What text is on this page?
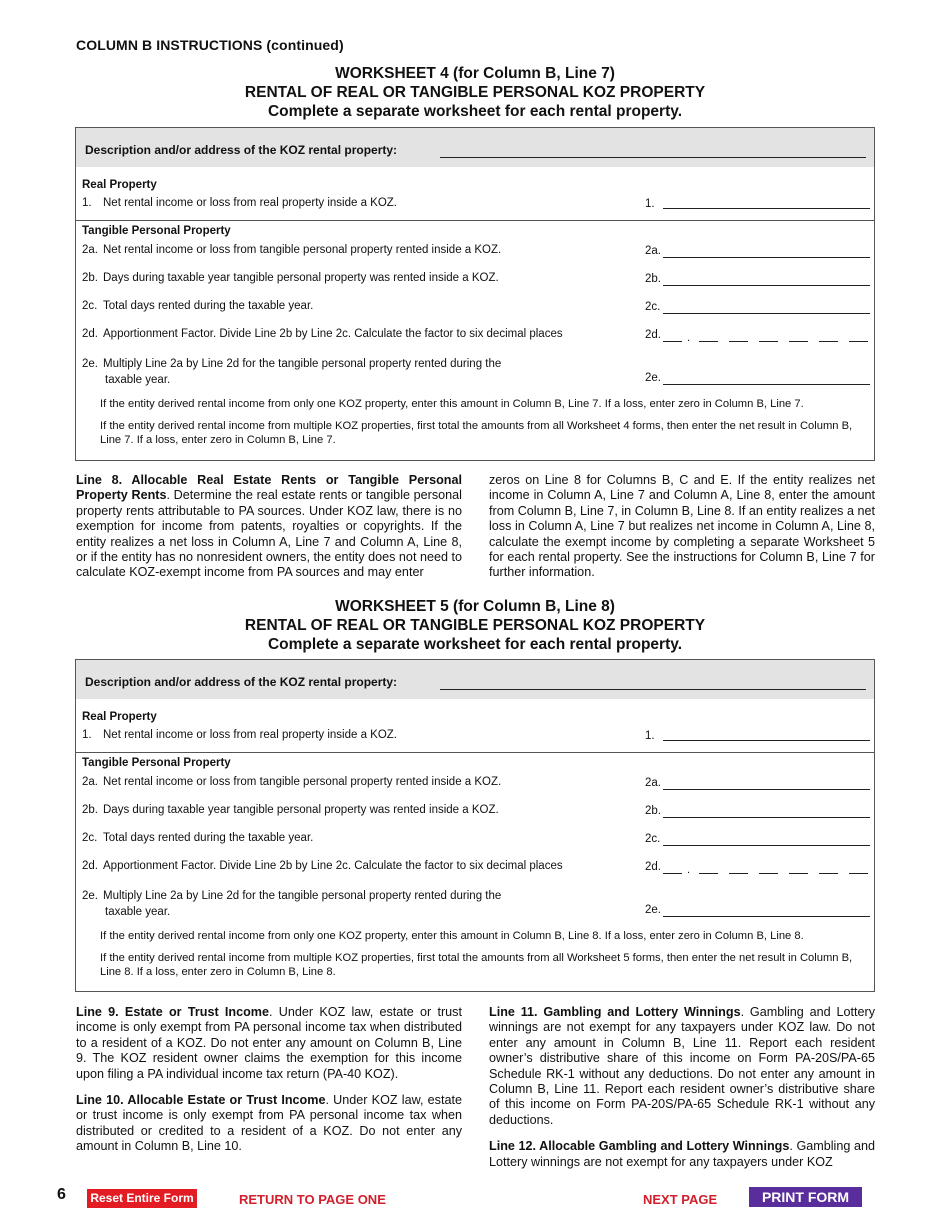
COLUMN B INSTRUCTIONS (continued)
WORKSHEET 4 (for Column B, Line 7)
RENTAL OF REAL OR TANGIBLE PERSONAL KOZ PROPERTY
Complete a separate worksheet for each rental property.
Description and/or address of the KOZ rental property:
Real Property
1. Net rental income or loss from real property inside a KOZ.	1.
Tangible Personal Property
2a. Net rental income or loss from tangible personal property rented inside a KOZ.	2a.
2b. Days during taxable year tangible personal property was rented inside a KOZ.	2b.
2c. Total days rented during the taxable year.	2c.
2d. Apportionment Factor. Divide Line 2b by Line 2c. Calculate the factor to six decimal places	2d. .
2e. Multiply Line 2a by Line 2d for the tangible personal property rented during the
taxable year.	2e.
If the entity derived rental income from only one KOZ property, enter this amount in Column B, Line 7. If a loss, enter zero in Column B, Line 7.
If the entity derived rental income from multiple KOZ properties, first total the amounts from all Worksheet 4 forms, then enter the net result in Column B, Line 7. If a loss, enter zero in Column B, Line 7.

Line 8. Allocable Real Estate Rents or Tangible Personal Property Rents. Determine the real estate rents or tangible personal property rents attributable to PA sources. Under KOZ law, there is no exemption for income from patents, royalties or copyrights. If the entity realizes a net loss in Column A, Line 7 and Column A, Line 8, or if the entity has no nonresident owners, the entity does not need to calculate KOZ-exempt income from PA sources and may enter

zeros on Line 8 for Columns B, C and E. If the entity realizes net income in Column A, Line 7 and Column A, Line 8, enter the amount from Column B, Line 7, in Column B, Line 8. If an entity realizes a net loss in Column A, Line 7 but realizes net income in Column A, Line 8, calculate the exempt income by completing a separate Worksheet 5 for each rental property. See the instructions for Column B, Line 7 for further information.

WORKSHEET 5 (for Column B, Line 8)
RENTAL OF REAL OR TANGIBLE PERSONAL KOZ PROPERTY
Complete a separate worksheet for each rental property.
Description and/or address of the KOZ rental property:
Real Property
1. Net rental income or loss from real property inside a KOZ.	1.
Tangible Personal Property
2a. Net rental income or loss from tangible personal property rented inside a KOZ.	2a.
2b. Days during taxable year tangible personal property was rented inside a KOZ.	2b.
2c. Total days rented during the taxable year.	2c.
2d. Apportionment Factor. Divide Line 2b by Line 2c. Calculate the factor to six decimal places	2d. .
2e. Multiply Line 2a by Line 2d for the tangible personal property rented during the
taxable year.	2e.
If the entity derived rental income from only one KOZ property, enter this amount in Column B, Line 8. If a loss, enter zero in Column B, Line 8.
If the entity derived rental income from multiple KOZ properties, first total the amounts from all Worksheet 5 forms, then enter the net result in Column B, Line 8. If a loss, enter zero in Column B, Line 8.

Line 9. Estate or Trust Income. Under KOZ law, estate or trust income is only exempt from PA personal income tax when distributed to a resident of a KOZ. Do not enter any amount on Column B, Line 9. The KOZ resident owner claims the exemption for this income upon filing a PA individual income tax return (PA-40 KOZ).

Line 10. Allocable Estate or Trust Income. Under KOZ law, estate or trust income is only exempt from PA personal income tax when distributed or credited to a resident of a KOZ. Do not enter any amount in Column B, Line 10.

Line 11. Gambling and Lottery Winnings. Gambling and Lottery winnings are not exempt for any taxpayers under KOZ law. Do not enter any amount in Column B, Line 11. Report each resident owner’s distributive share of this income on Form PA-20S/PA-65 Schedule RK-1 without any deductions. Do not enter any amount in Column B, Line 11. Report each resident owner’s distributive share of this income on Form PA-20S/PA-65 Schedule RK-1 without any deductions.

Line 12. Allocable Gambling and Lottery Winnings. Gambling and Lottery winnings are not exempt for any taxpayers under KOZ

6 Reset Entire Form	RETURN TO PAGE ONE	NEXT PAGE	PRINT FORM
